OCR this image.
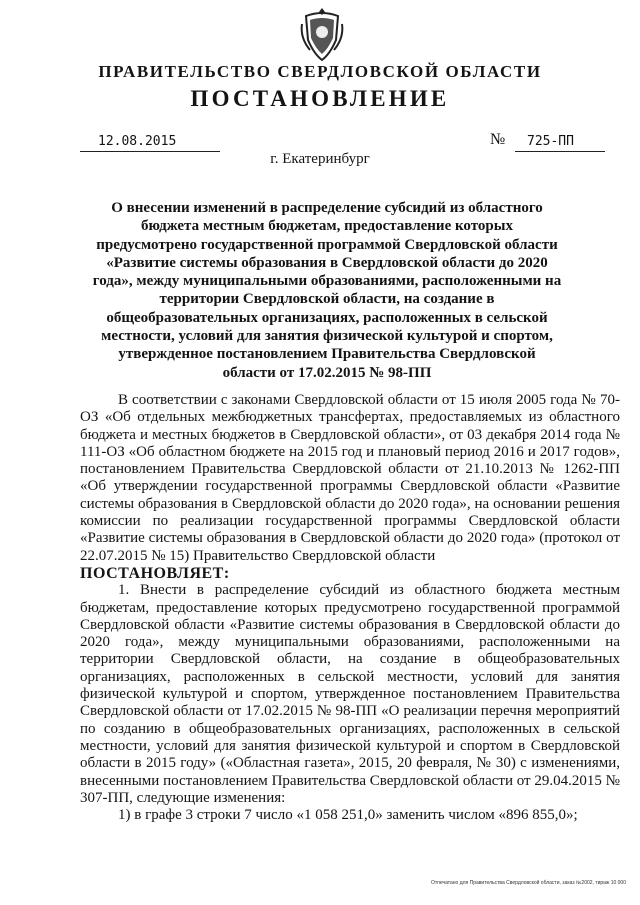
ПРАВИТЕЛЬСТВО СВЕРДЛОВСКОЙ ОБЛАСТИ
ПОСТАНОВЛЕНИЕ
12.08.2015	№	725-ПП
г. Екатеринбург
О внесении изменений в распределение субсидий из областного бюджета местным бюджетам, предоставление которых предусмотрено государственной программой Свердловской области «Развитие системы образования в Свердловской области до 2020 года», между муниципальными образованиями, расположенными на территории Свердловской области, на создание в общеобразовательных организациях, расположенных в сельской местности, условий для занятия физической культурой и спортом, утвержденное постановлением Правительства Свердловской области от 17.02.2015 № 98-ПП

В соответствии с законами Свердловской области от 15 июля 2005 года № 70-ОЗ «Об отдельных межбюджетных трансфертах, предоставляемых из областного бюджета и местных бюджетов в Свердловской области», от 03 декабря 2014 года № 111-ОЗ «Об областном бюджете на 2015 год и плановый период 2016 и 2017 годов», постановлением Правительства Свердловской области от 21.10.2013 № 1262-ПП «Об утверждении государственной программы Свердловской области «Развитие системы образования в Свердловской области до 2020 года», на основании решения комиссии по реализации государственной программы Свердловской области «Развитие системы образования в Свердловской области до 2020 года» (протокол от 22.07.2015 № 15) Правительство Свердловской области

ПОСТАНОВЛЯЕТ:

1. Внести в распределение субсидий из областного бюджета местным бюджетам, предоставление которых предусмотрено государственной программой Свердловской области «Развитие системы образования в Свердловской области до 2020 года», между муниципальными образованиями, расположенными на территории Свердловской области, на создание в общеобразовательных организациях, расположенных в сельской местности, условий для занятия физической культурой и спортом, утвержденное постановлением Правительства Свердловской области от 17.02.2015 № 98-ПП «О реализации перечня мероприятий по созданию в общеобразовательных организациях, расположенных в сельской местности, условий для занятия физической культурой и спортом в Свердловской области в 2015 году» («Областная газета», 2015, 20 февраля, № 30) с изменениями, внесенными постановлением Правительства Свердловской области от 29.04.2015 № 307-ПП, следующие изменения:

1) в графе 3 строки 7 число «1 058 251,0» заменить числом «896 855,0»;

Отпечатано для Правительства Свердловской области, заказ №2002, тираж 10 000
